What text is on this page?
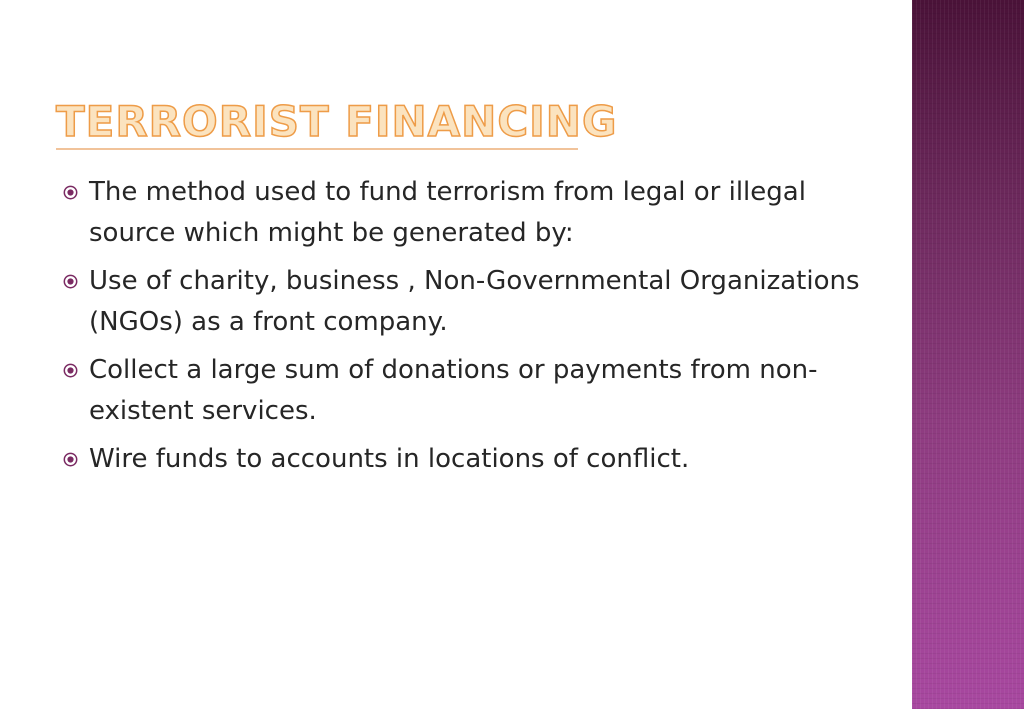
TERRORIST FINANCING
The method used to fund terrorism from legal or illegal source which might be generated by:
Use of charity, business , Non-Governmental Organizations (NGOs) as a front company.
Collect a large sum of donations or payments from non-existent services.
Wire funds to accounts in locations of conflict.
